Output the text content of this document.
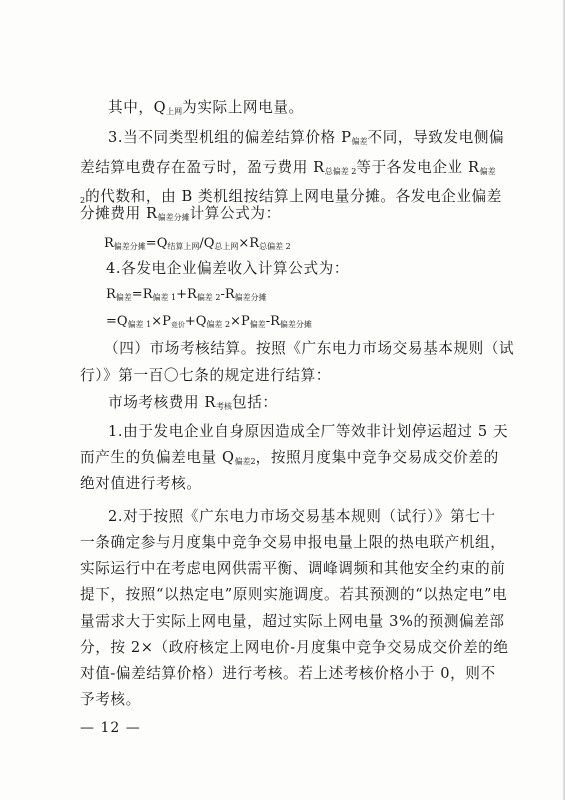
其中，$Q_{上网}$为实际上网电量。
3.当不同类型机组的偏差结算价格 $P_{偏差}$不同，导致发电侧偏
差结算电费存在盈亏时，盈亏费用 $R_{总偏差 2}$等于各发电企业 $R_{偏差}$
$_2$的代数和，由 B 类机组按结算上网电量分摊。各发电企业偏差
分摊费用 $R_{偏差分摊}$计算公式为：
$R_{偏差分摊}=Q_{结算上网}/Q_{总上网}\times R_{总偏差 2}$
4.各发电企业偏差收入计算公式为：
$R_{偏差}=R_{偏差 1}+R_{偏差 2}-R_{偏差分摊}$
$=Q_{偏差 1}\times P$竞价$+Q_{偏差 2}\times P_{偏差}-R_{偏差分摊}$
（四）市场考核结算。按照《广东电力市场交易基本规则（试
行）》第一百〇七条的规定进行结算：
市场考核费用 $R_{考核}$包括：
1.由于发电企业自身原因造成全厂等效非计划停运超过 5 天
而产生的负偏差电量 $Q_{偏差2}$，按照月度集中竞争交易成交价差的
绝对值进行考核。
2.对于按照《广东电力市场交易基本规则（试行）》第七十
一条确定参与月度集中竞争交易申报电量上限的热电联产机组，
实际运行中在考虑电网供需平衡、调峰调频和其他安全约束的前
提下，按照“以热定电”原则实施调度。若其预测的“以热定电”电
量需求大于实际上网电量，超过实际上网电量 3%的预测偏差部
分，按 2×（政府核定上网电价-月度集中竞争交易成交价差的绝
对值-偏差结算价格）进行考核。若上述考核价格小于 0，则不
予考核。
— 12 —
